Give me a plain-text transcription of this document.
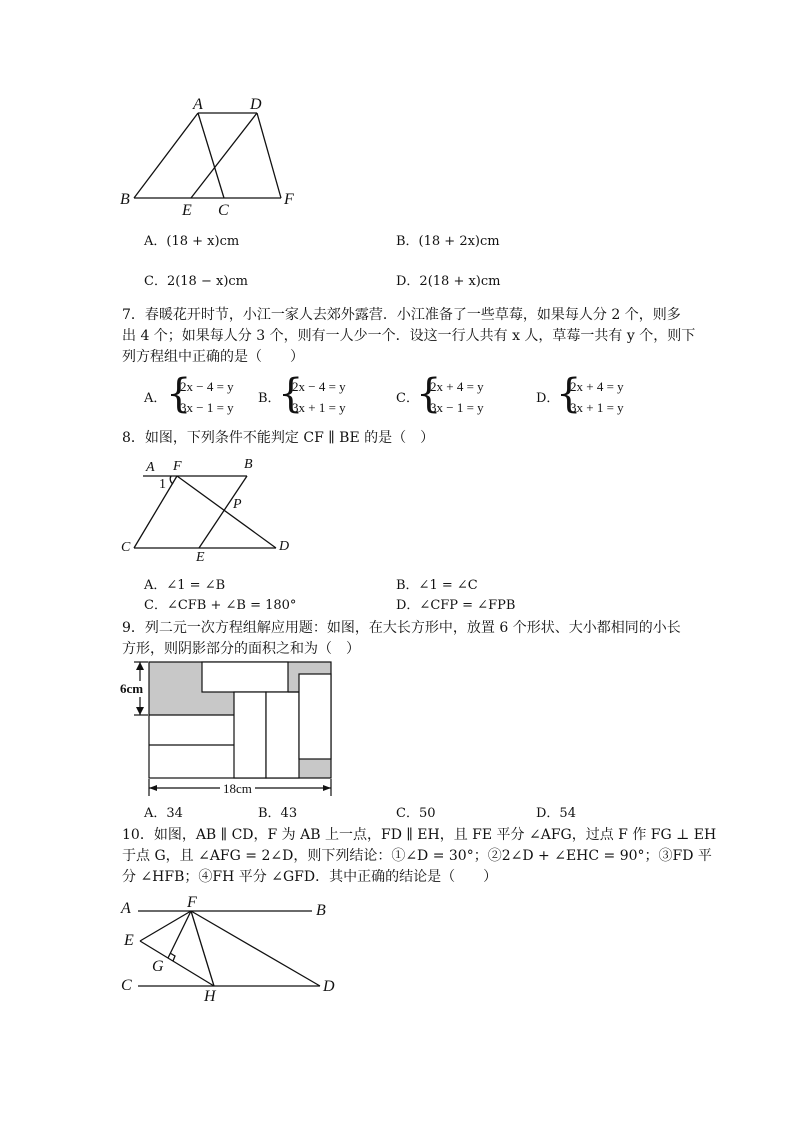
A	D
B
E C
F
A．(18 + x)cm	B．(18 + 2x)cm
C．2(18 − x)cm	D．2(18 + x)cm
7．春暖花开时节，小江一家人去郊外露营．小江准备了一些草莓，如果每人分 2 个，则多
出 4 个；如果每人分 3 个，则有一人少一个．设这一行人共有 x 人，草莓一共有 y 个，则下
列方程组中正确的是（　　）
A． {
2x − 4 = y
3x − 1 = y
B．
{
2x − 4 = y
3x + 1 = y
C．
{
2x + 4 = y
3x − 1 = y
D．
{
2x + 4 = y
3x + 1 = y
8．如图，下列条件不能判定 CF ∥ BE 的是（　）
A F	B
1
P
C
E
D
A．∠1 = ∠B	B．∠1 = ∠C
C．∠CFB + ∠B = 180°	D．∠CFP = ∠FPB
9．列二元一次方程组解应用题：如图，在大长方形中，放置 6 个形状、大小都相同的小长
方形，则阴影部分的面积之和为（　）
6cm
18cm
A．34	B．43	C．50	D．54
10．如图，AB ∥ CD，F 为 AB 上一点，FD ∥ EH，且 FE 平分 ∠AFG，过点 F 作 FG ⊥ EH
于点 G，且 ∠AFG = 2∠D，则下列结论：①∠D = 30°；②2∠D + ∠EHC = 90°；③FD 平
分 ∠HFB；④FH 平分 ∠GFD．其中正确的结论是（　　）
A	F	B
E
G
C
H
D
